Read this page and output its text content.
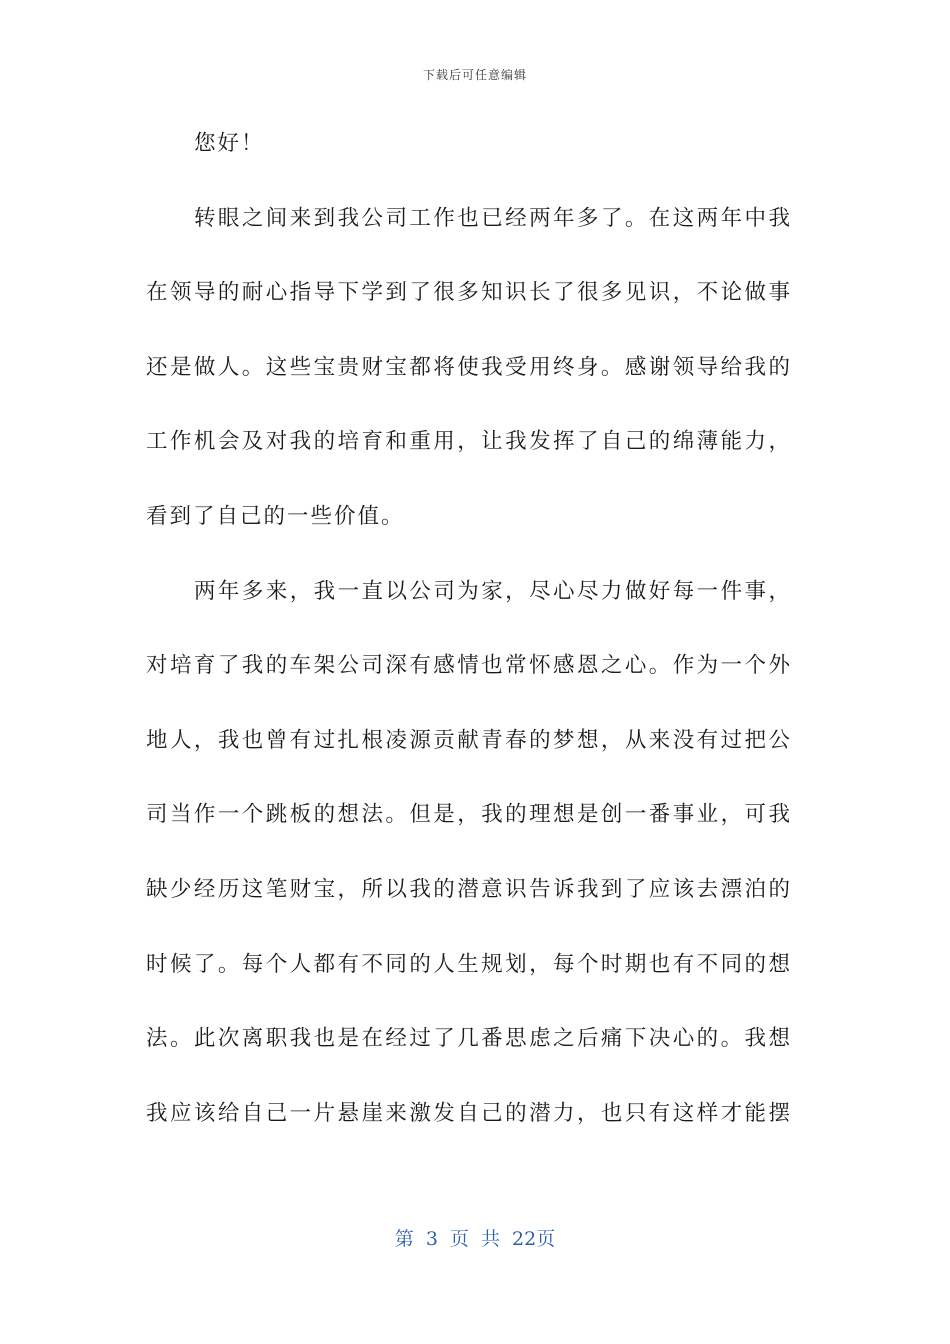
下载后可任意编辑
您好！
转眼之间来到我公司工作也已经两年多了。在这两年中我
在领导的耐心指导下学到了很多知识长了很多见识，不论做事
还是做人。这些宝贵财宝都将使我受用终身。感谢领导给我的
工作机会及对我的培育和重用，让我发挥了自己的绵薄能力，
看到了自己的一些价值。
两年多来，我一直以公司为家，尽心尽力做好每一件事，
对培育了我的车架公司深有感情也常怀感恩之心。作为一个外
地人，我也曾有过扎根凌源贡献青春的梦想，从来没有过把公
司当作一个跳板的想法。但是，我的理想是创一番事业，可我
缺少经历这笔财宝，所以我的潜意识告诉我到了应该去漂泊的
时候了。每个人都有不同的人生规划，每个时期也有不同的想
法。此次离职我也是在经过了几番思虑之后痛下决心的。我想
我应该给自己一片悬崖来激发自己的潜力，也只有这样才能摆
第 3 页 共 22页
